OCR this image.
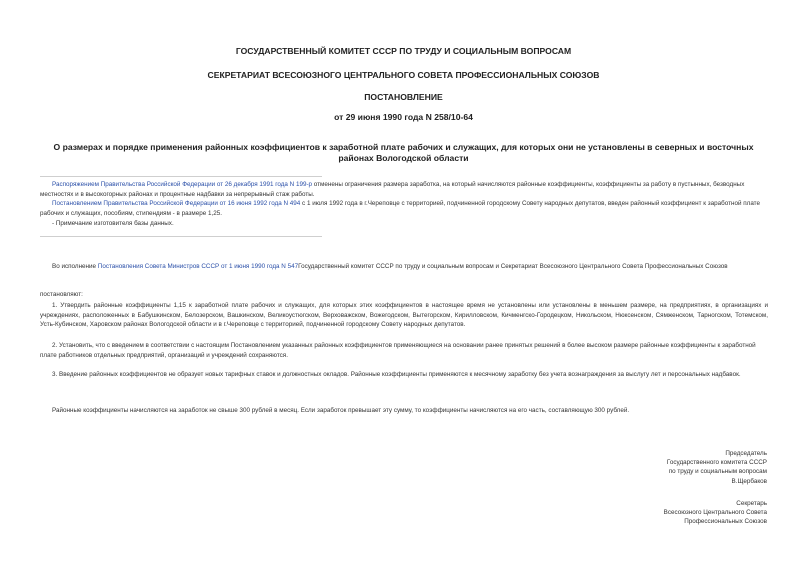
ГОСУДАРСТВЕННЫЙ КОМИТЕТ СССР ПО ТРУДУ И СОЦИАЛЬНЫМ ВОПРОСАМ
СЕКРЕТАРИАТ ВСЕСОЮЗНОГО ЦЕНТРАЛЬНОГО СОВЕТА ПРОФЕССИОНАЛЬНЫХ СОЮЗОВ
ПОСТАНОВЛЕНИЕ
от 29 июня 1990 года N 258/10-64
О размерах и порядке применения районных коэффициентов к заработной плате рабочих и служащих, для которых они не установлены в северных и восточных районах Вологодской области
Распоряжением Правительства Российской Федерации от 26 декабря 1991 года N 199-р отменены ограничения размера заработка, на который начисляются районные коэффициенты, коэффициенты за работу в пустынных, безводных местностях и в высокогорных районах и процентные надбавки за непрерывный стаж работы.
Постановлением Правительства Российской Федерации от 16 июня 1992 года N 494 с 1 июля 1992 года в г.Череповце с территорией, подчиненной городскому Совету народных депутатов, введен районный коэффициент к заработной плате рабочих и служащих, пособиям, стипендиям - в размере 1,25.
- Примечание изготовителя базы данных.
Во исполнение Постановления Совета Министров СССР от 1 июня 1990 года N 547Государственный комитет СССР по труду и социальным вопросам и Секретариат Всесоюзного Центрального Совета Профессиональных Союзов
постановляют:
1. Утвердить районные коэффициенты 1,15 к заработной плате рабочих и служащих, для которых этих коэффициентов в настоящее время не установлены или установлены в меньшем размере, на предприятиях, в организациях и учреждениях, расположенных в Бабушкинском, Белозерском, Вашкинском, Великоустюгском, Верховажском, Вожегодском, Вытегорском, Кирилловском, Кичменгско-Городецком, Никольском, Нюксенском, Сямженском, Тарногском, Тотемском, Усть-Кубинском, Харовском районах Вологодской области и в г.Череповце с территорией, подчиненной городскому Совету народных депутатов.
2. Установить, что с введением в соответствии с настоящим Постановлением указанных районных коэффициентов применяющиеся на основании ранее принятых решений в более высоком размере районные коэффициенты к заработной плате работников отдельных предприятий, организаций и учреждений сохраняются.
3. Введение районных коэффициентов не образует новых тарифных ставок и должностных окладов. Районные коэффициенты применяются к месячному заработку без учета вознаграждения за выслугу лет и персональных надбавок.
Районные коэффициенты начисляются на заработок не свыше 300 рублей в месяц. Если заработок превышает эту сумму, то коэффициенты начисляются на его часть, составляющую 300 рублей.
Председатель
Государственного комитета СССР
по труду и социальным вопросам
В.Щербаков
Секретарь
Всесоюзного Центрального Совета
Профессиональных Союзов
